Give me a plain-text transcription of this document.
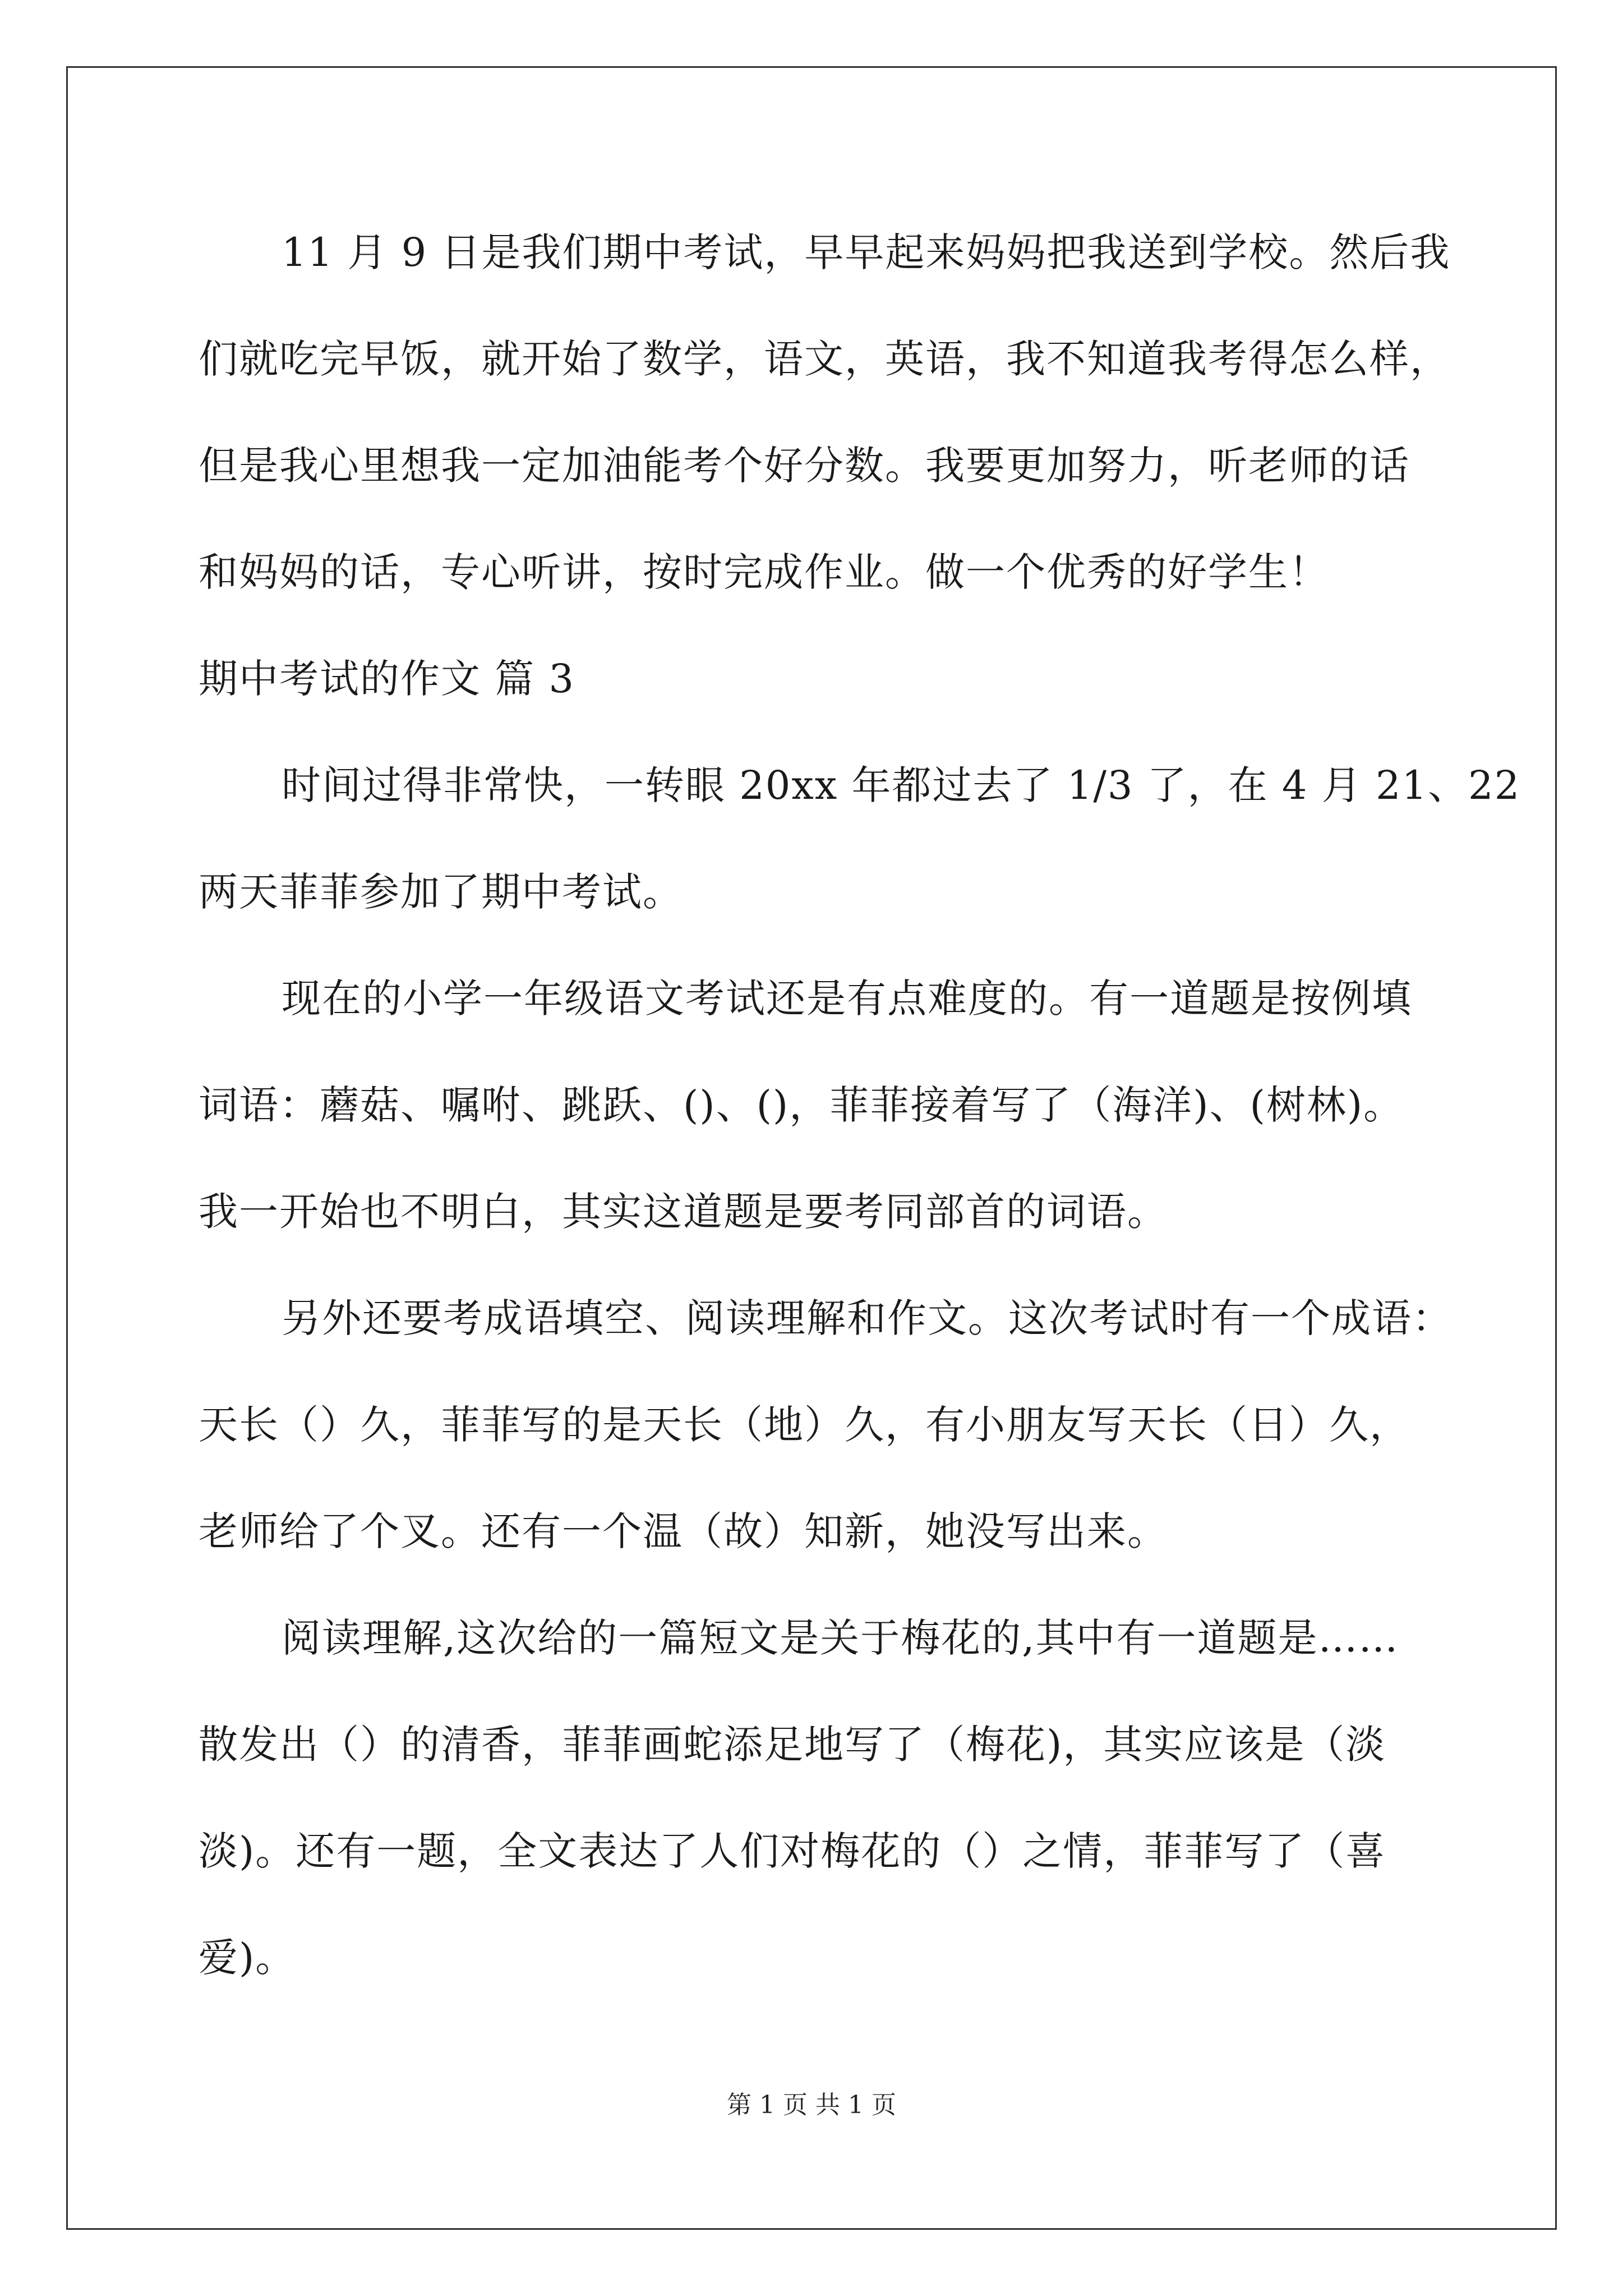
11 月 9 日是我们期中考试，早早起来妈妈把我送到学校。然后我
们就吃完早饭，就开始了数学，语文，英语，我不知道我考得怎么样，
但是我心里想我一定加油能考个好分数。我要更加努力，听老师的话
和妈妈的话，专心听讲，按时完成作业。做一个优秀的好学生！
期中考试的作文 篇 3
时间过得非常快，一转眼 20xx 年都过去了 1/3 了，在 4 月 21、22
两天菲菲参加了期中考试。
现在的小学一年级语文考试还是有点难度的。有一道题是按例填
词语：蘑菇、嘱咐、跳跃、()、()，菲菲接着写了（海洋)、(树林)。
我一开始也不明白，其实这道题是要考同部首的词语。
另外还要考成语填空、阅读理解和作文。这次考试时有一个成语：
天长（）久，菲菲写的是天长（地）久，有小朋友写天长（日）久，
老师给了个叉。还有一个温（故）知新，她没写出来。
阅读理解,这次给的一篇短文是关于梅花的,其中有一道题是……
散发出（）的清香，菲菲画蛇添足地写了（梅花)，其实应该是（淡
淡)。还有一题，全文表达了人们对梅花的（）之情，菲菲写了（喜
爱)。
第 1 页 共 1 页
